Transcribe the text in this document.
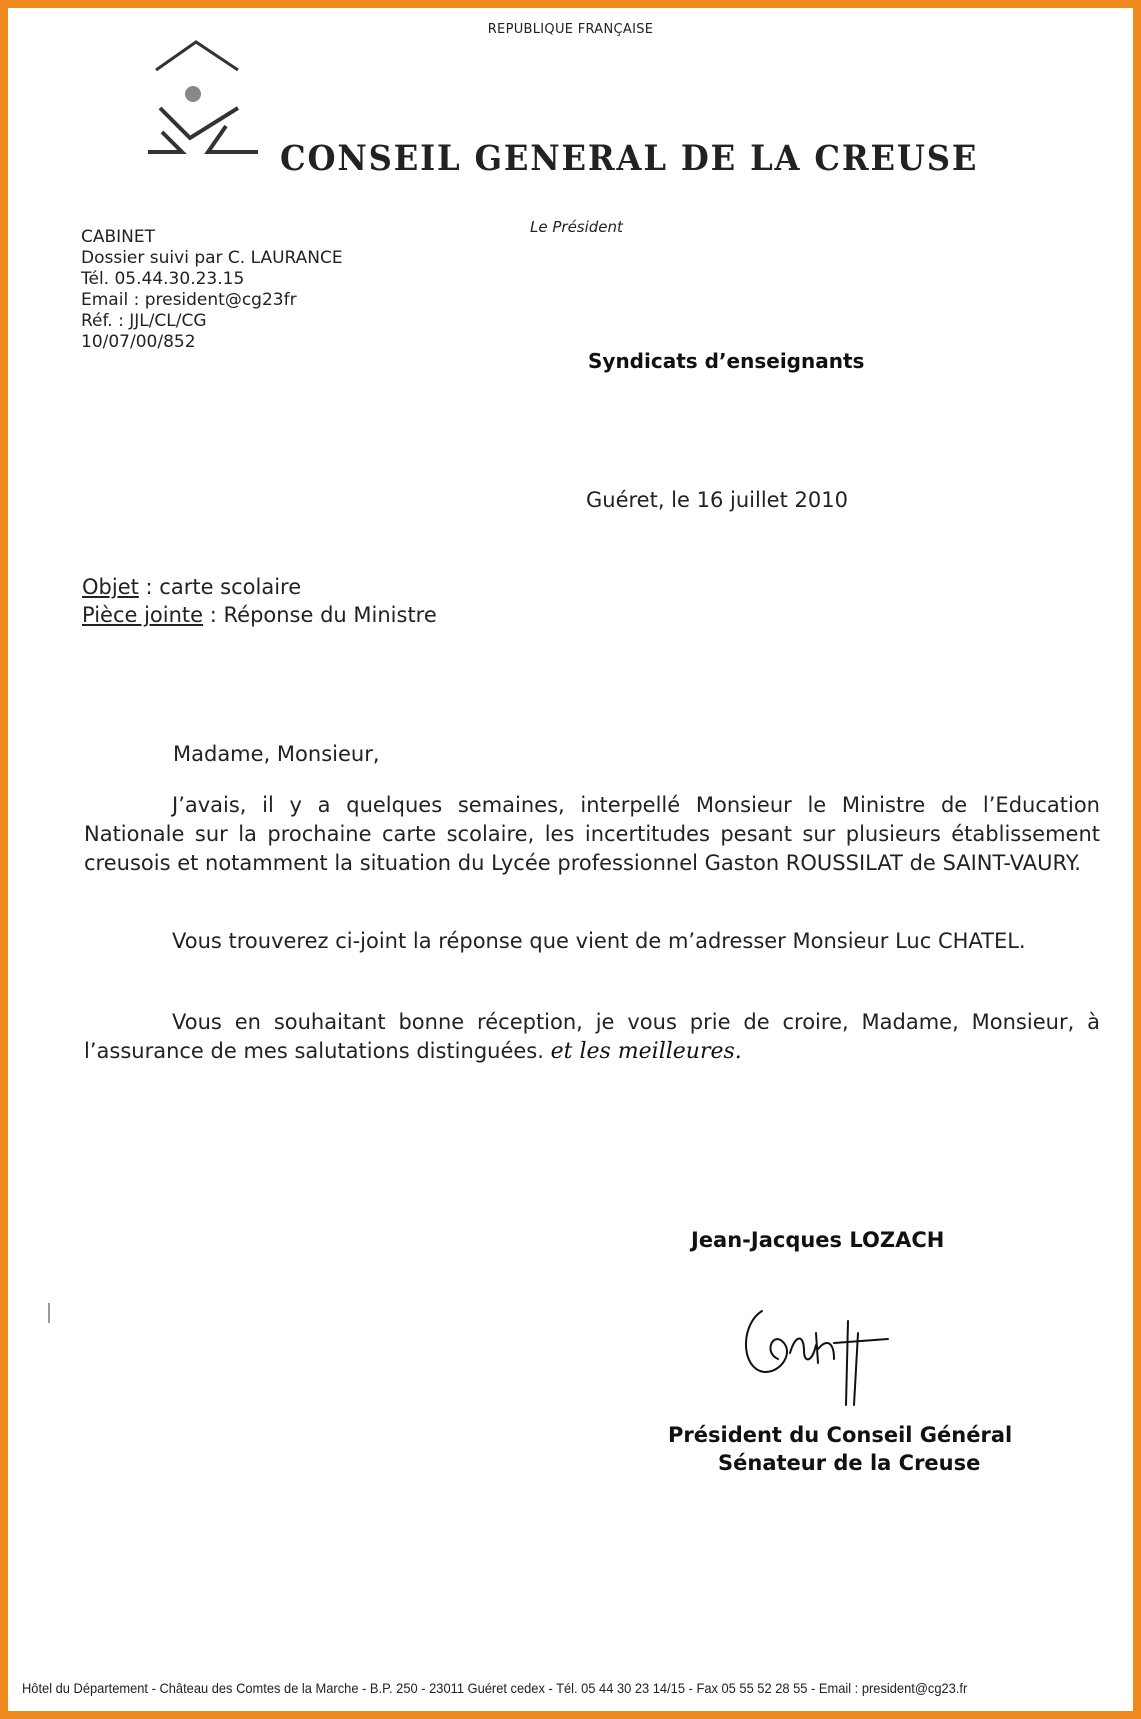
REPUBLIQUE FRANÇAISE
CONSEIL GENERAL DE LA CREUSE
Le Président
CABINET
Dossier suivi par C. LAURANCE
Tél. 05.44.30.23.15
Email : president@cg23fr
Réf. : JJL/CL/CG
10/07/00/852
Syndicats d’enseignants
Guéret, le 16 juillet 2010
Objet : carte scolaire
Pièce jointe : Réponse du Ministre
Madame, Monsieur,

J’avais, il y a quelques semaines, interpellé Monsieur le Ministre de l’Education Nationale sur la prochaine carte scolaire, les incertitudes pesant sur plusieurs établissement creusois et notamment la situation du Lycée professionnel Gaston ROUSSILAT de SAINT-VAURY.

Vous trouverez ci-joint la réponse que vient de m’adresser Monsieur Luc CHATEL.

Vous en souhaitant bonne réception, je vous prie de croire, Madame, Monsieur, à l’assurance de mes salutations distinguées. et les meilleures.

Jean-Jacques LOZACH
Président du Conseil Général
Sénateur de la Creuse
Hôtel du Département - Château des Comtes de la Marche - B.P. 250 - 23011 Guéret cedex - Tél. 05 44 30 23 14/15 - Fax 05 55 52 28 55 - Email : president@cg23.fr
